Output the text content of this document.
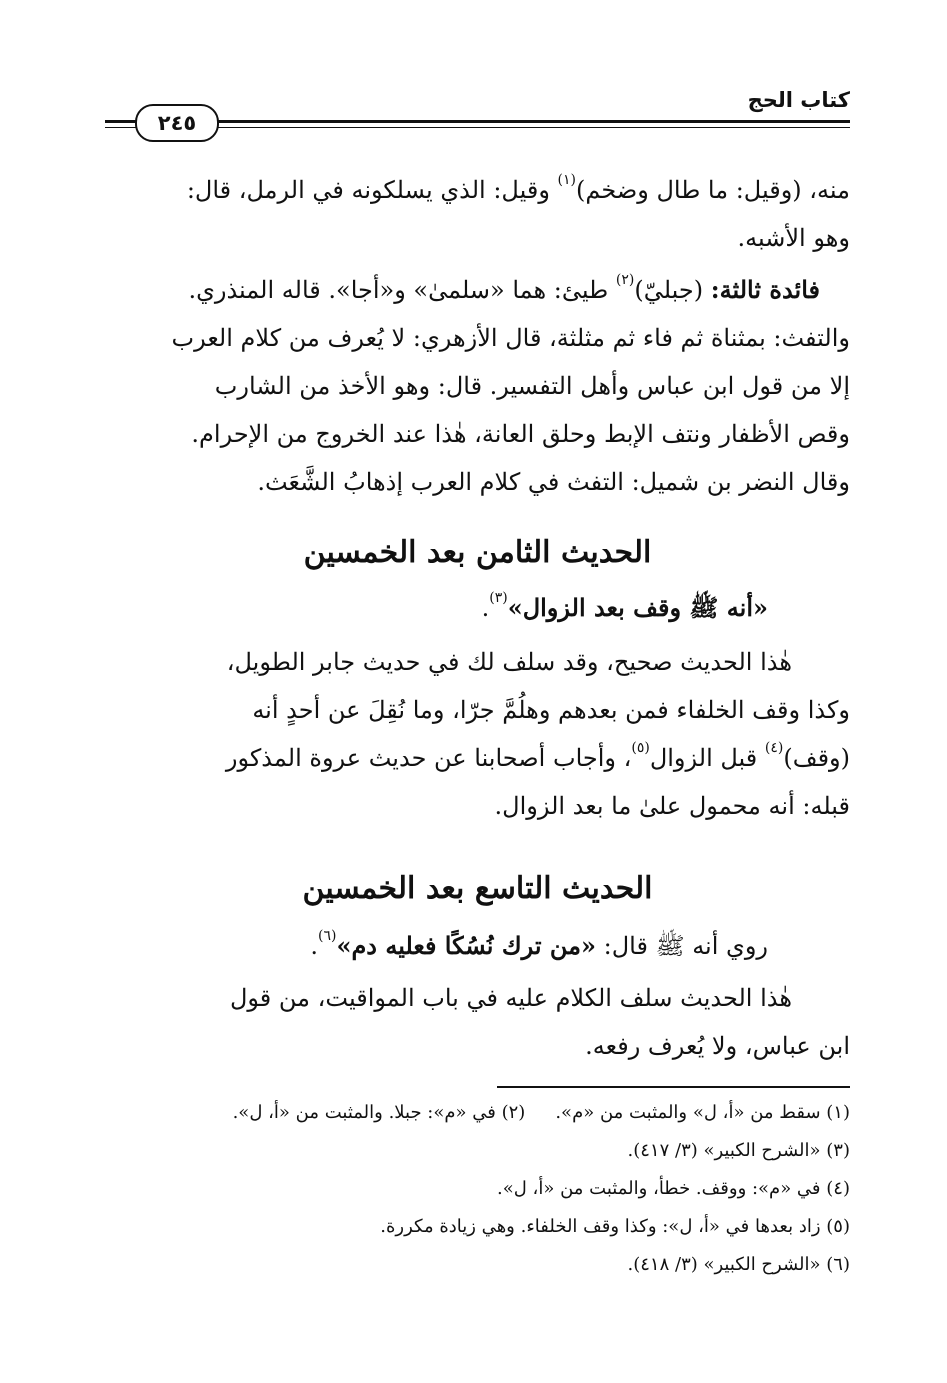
كتاب الحج
٢٤٥

منه، (وقيل: ما طال وضخم)$^{(١)}$ وقيل: الذي يسلكونه في الرمل، قال:

وهو الأشبه.

فائدة ثالثة: (جبليّ)$^{(٢)}$ طيئ: هما «سلمىٰ» و«أجا». قاله المنذري.

والتفث: بمثناة ثم فاء ثم مثلثة، قال الأزهري: لا يُعرف من كلام العرب

إلا من قول ابن عباس وأهل التفسير. قال: وهو الأخذ من الشارب

وقص الأظفار ونتف الإبط وحلق العانة، هٰذا عند الخروج من الإحرام.

وقال النضر بن شميل: التفث في كلام العرب إذهابُ الشَّعَث.

الحديث الثامن بعد الخمسين
«أنه ﷺ وقف بعد الزوال»$^{(٣)}$.

هٰذا الحديث صحيح، وقد سلف لك في حديث جابر الطويل،

وكذا وقف الخلفاء فمن بعدهم وهلُمَّ جرّا، وما نُقِلَ عن أحدٍ أنه

(وقف)$^{(٤)}$ قبل الزوال$^{(٥)}$، وأجاب أصحابنا عن حديث عروة المذكور

قبله: أنه محمول علىٰ ما بعد الزوال.

الحديث التاسع بعد الخمسين
روي أنه ﷺ قال: «من ترك نُسُكًا فعليه دم»$^{(٦)}$.

هٰذا الحديث سلف الكلام عليه في باب المواقيت، من قول

ابن عباس، ولا يُعرف رفعه.

(١) سقط من «أ، ل» والمثبت من «م».
(٢) في «م»: جبلا. والمثبت من «أ، ل».
(٣) «الشرح الكبير» (٣/ ٤١٧).
(٤) في «م»: ووقف. خطأ، والمثبت من «أ، ل».
(٥) زاد بعدها في «أ، ل»: وكذا وقف الخلفاء. وهي زيادة مكررة.
(٦) «الشرح الكبير» (٣/ ٤١٨).
